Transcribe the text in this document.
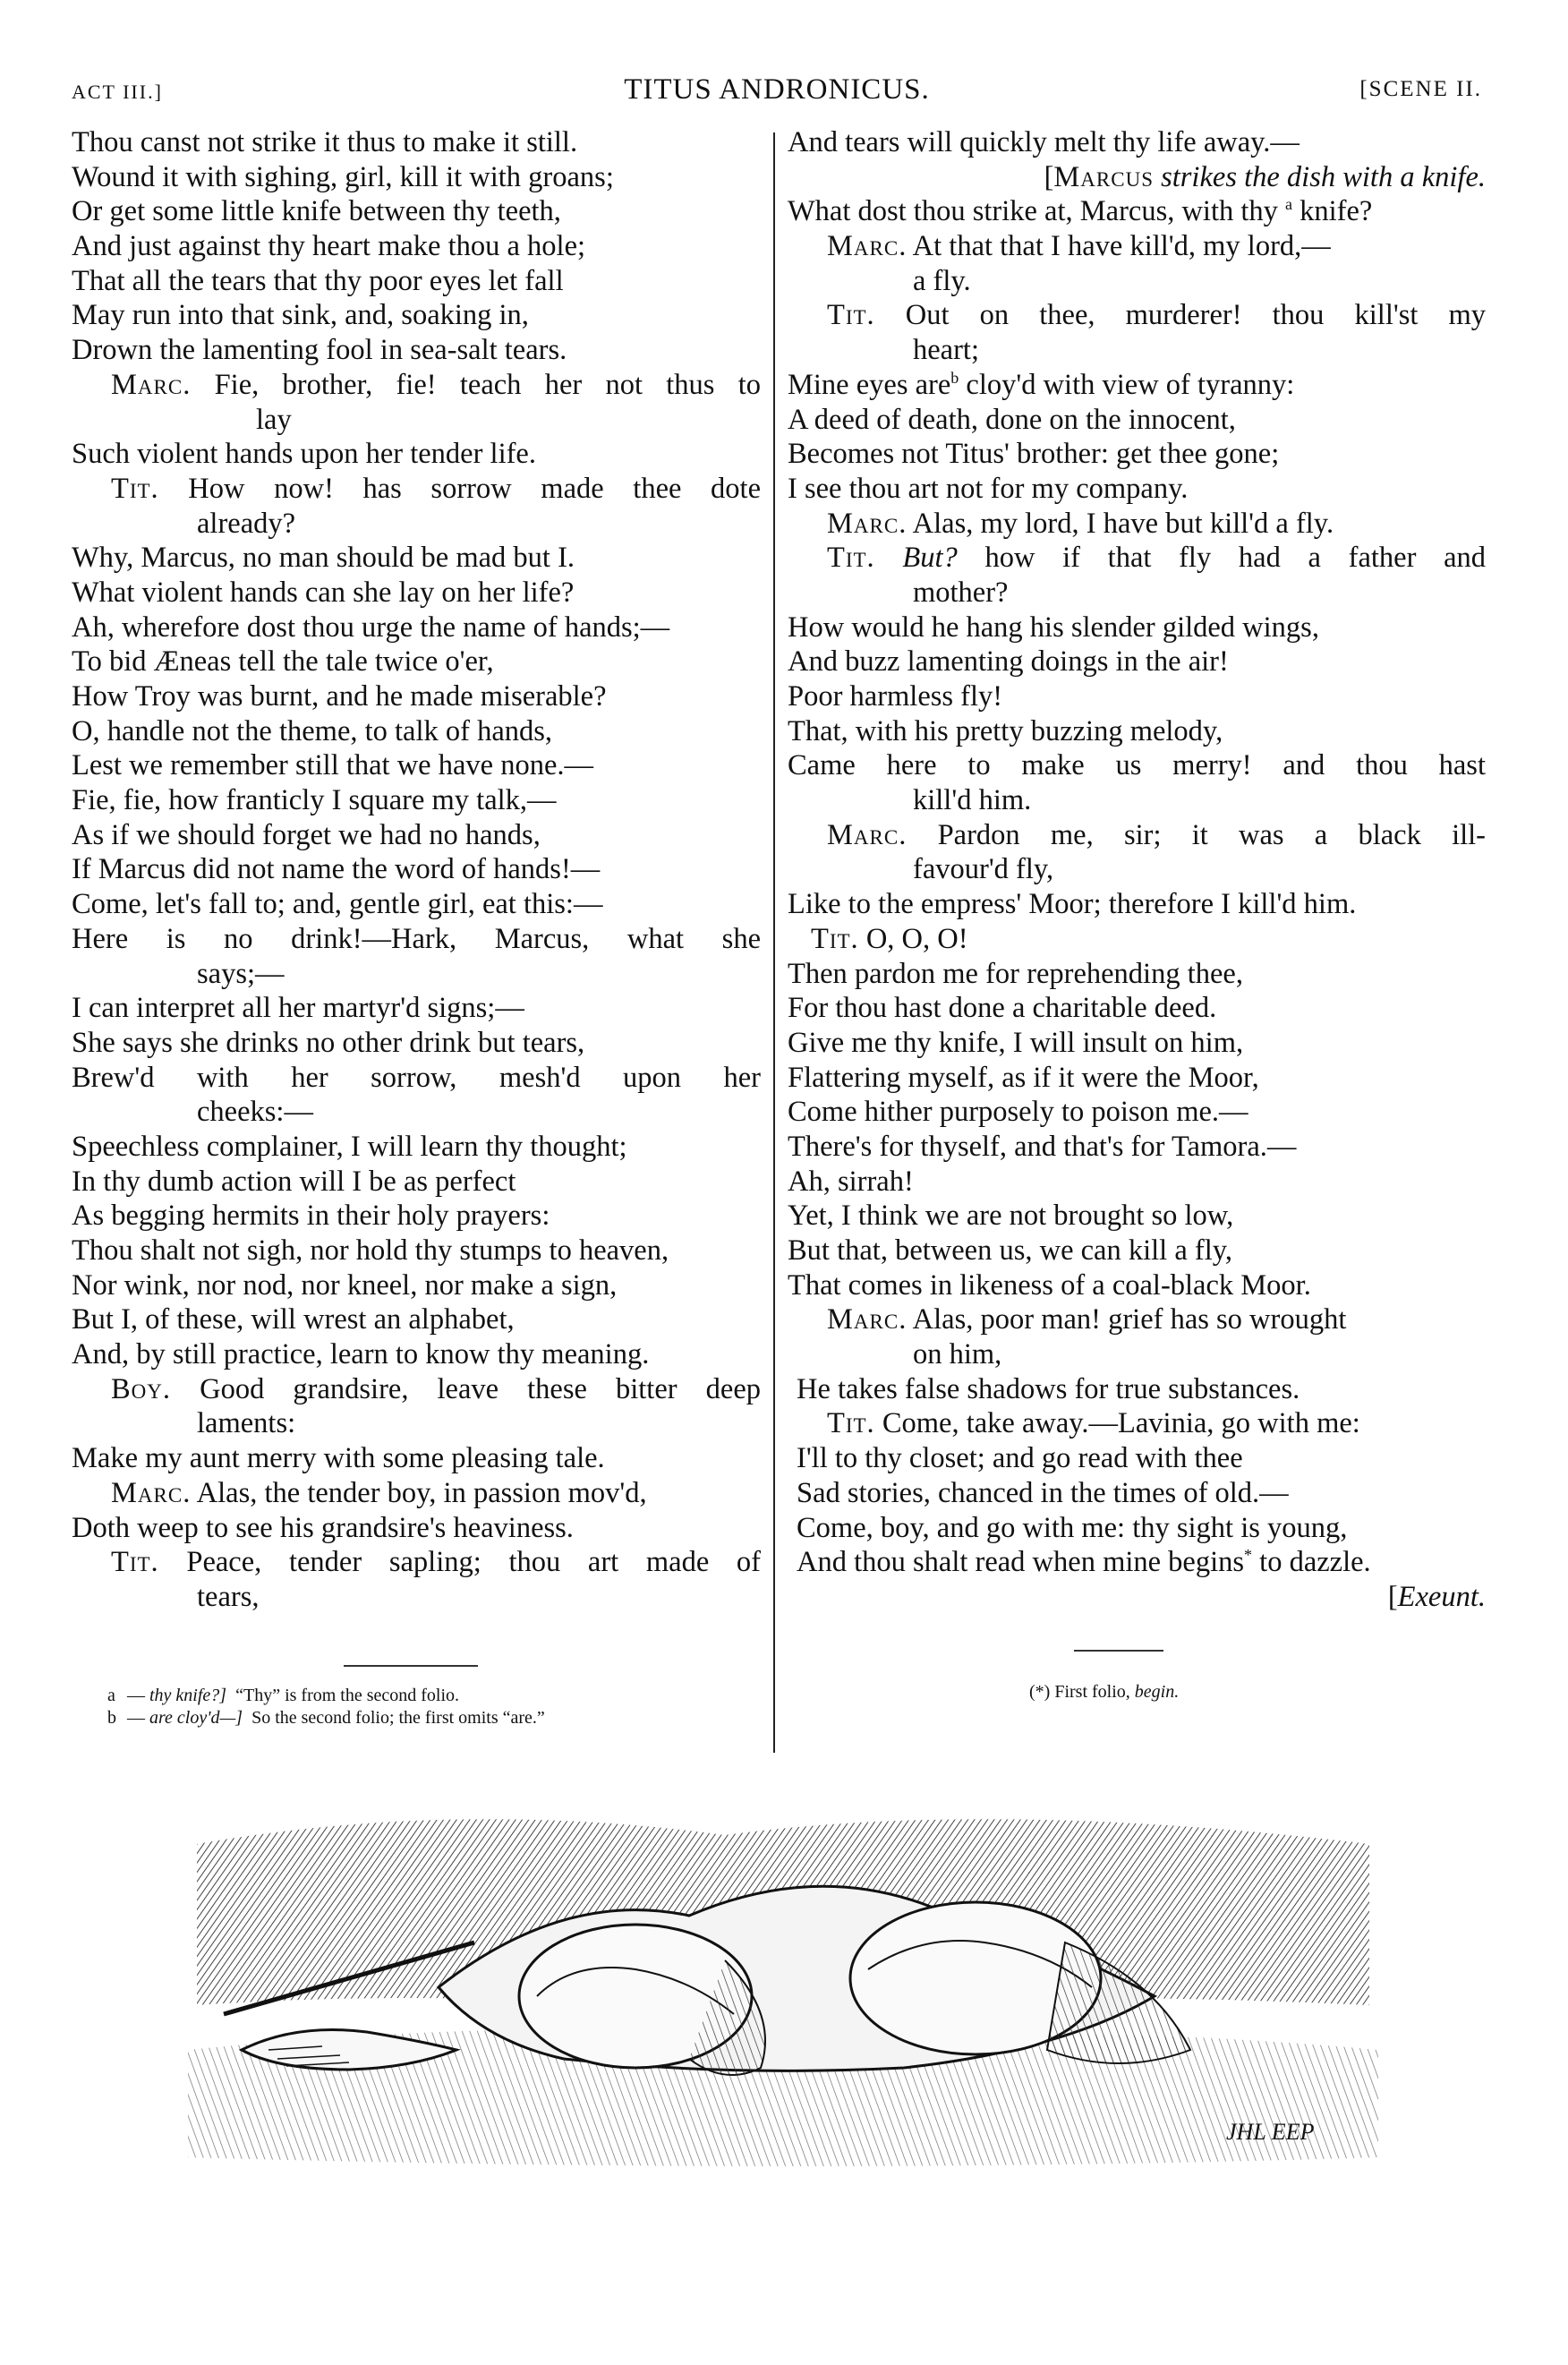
ACT III.]	TITUS ANDRONICUS.	[SCENE II.
Thou canst not strike it thus to make it still.
Wound it with sighing, girl, kill it with groans;
Or get some little knife between thy teeth,
And just against thy heart make thou a hole;
That all the tears that thy poor eyes let fall
May run into that sink, and, soaking in,
Drown the lamenting fool in sea-salt tears.
Marc. Fie, brother, fie! teach her not thus to
lay
Such violent hands upon her tender life.
Tit. How now! has sorrow made thee dote
already?
Why, Marcus, no man should be mad but I.
What violent hands can she lay on her life?
Ah, wherefore dost thou urge the name of hands;—
To bid Æneas tell the tale twice o'er,
How Troy was burnt, and he made miserable?
O, handle not the theme, to talk of hands,
Lest we remember still that we have none.—
Fie, fie, how franticly I square my talk,—
As if we should forget we had no hands,
If Marcus did not name the word of hands!—
Come, let's fall to; and, gentle girl, eat this:—
Here is no drink!—Hark, Marcus, what she
says;—
I can interpret all her martyr'd signs;—
She says she drinks no other drink but tears,
Brew'd with her sorrow, mesh'd upon her
cheeks:—
Speechless complainer, I will learn thy thought;
In thy dumb action will I be as perfect
As begging hermits in their holy prayers:
Thou shalt not sigh, nor hold thy stumps to heaven,
Nor wink, nor nod, nor kneel, nor make a sign,
But I, of these, will wrest an alphabet,
And, by still practice, learn to know thy meaning.
Boy. Good grandsire, leave these bitter deep
laments:
Make my aunt merry with some pleasing tale.
Marc. Alas, the tender boy, in passion mov'd,
Doth weep to see his grandsire's heaviness.
Tit. Peace, tender sapling; thou art made of
tears,
And tears will quickly melt thy life away.—
[Marcus strikes the dish with a knife.
What dost thou strike at, Marcus, with thy $^a$ knife?
Marc. At that that I have kill'd, my lord,—
a fly.
Tit. Out on thee, murderer! thou kill'st my
heart;
Mine eyes are$^b$ cloy'd with view of tyranny:
A deed of death, done on the innocent,
Becomes not Titus' brother: get thee gone;
I see thou art not for my company.
Marc. Alas, my lord, I have but kill'd a fly.
Tit. But? how if that fly had a father and
mother?
How would he hang his slender gilded wings,
And buzz lamenting doings in the air!
Poor harmless fly!
That, with his pretty buzzing melody,
Came here to make us merry! and thou hast
kill'd him.
Marc. Pardon me, sir; it was a black ill-
favour'd fly,
Like to the empress' Moor; therefore I kill'd him.
Tit. O, O, O!
Then pardon me for reprehending thee,
For thou hast done a charitable deed.
Give me thy knife, I will insult on him,
Flattering myself, as if it were the Moor,
Come hither purposely to poison me.—
There's for thyself, and that's for Tamora.—
Ah, sirrah!
Yet, I think we are not brought so low,
But that, between us, we can kill a fly,
That comes in likeness of a coal-black Moor.
Marc. Alas, poor man! grief has so wrought
on him,
He takes false shadows for true substances.
Tit. Come, take away.—Lavinia, go with me:
I'll to thy closet; and go read with thee
Sad stories, chanced in the times of old.—
Come, boy, and go with me: thy sight is young,
And thou shalt read when mine begins* to dazzle.
[Exeunt.
a — thy knife?] “Thy” is from the second folio.
b — are cloy'd—] So the second folio; the first omits “are.”
(*) First folio, begin.
JHL EEP
